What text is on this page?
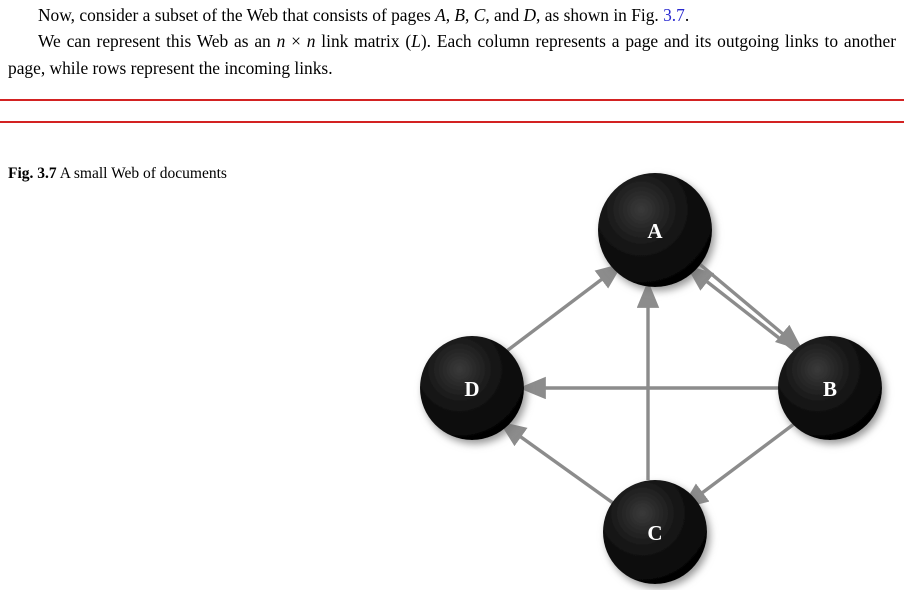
Now, consider a subset of the Web that consists of pages A, B, C, and D, as shown in Fig. 3.7.

We can represent this Web as an n × n link matrix (L). Each column represents a page and its outgoing links to another page, while rows represent the incoming links.

Fig. 3.7 A small Web of documents
A
B
C
D
